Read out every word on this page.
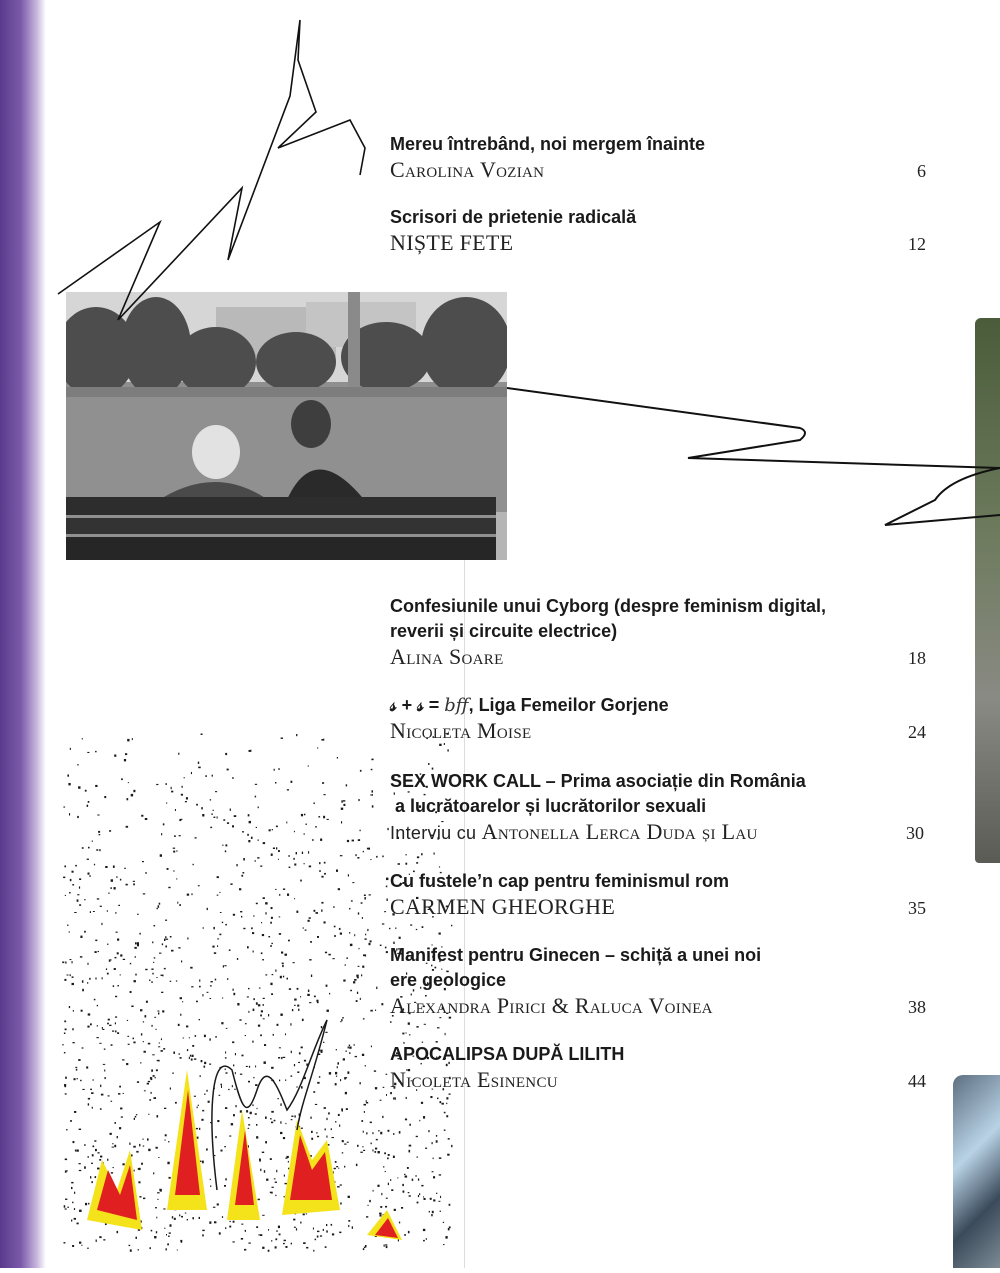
Mereu întrebând, noi mergem înainte
Carolina Vozian	6
Scrisori de prietenie radicală
NIȘTE FETE	12
Confesiunile unui Cyborg (despre feminism digital,
reverii și circuite electrice)
Alina Soare	18
𝓈 + 𝓈 = bff, Liga Femeilor Gorjene
Nicoleta Moise	24
SEX WORK CALL – Prima asociație din România
a lucrătoarelor și lucrătorilor sexuali
Interviu cu Antonella Lerca Duda și Lau	30
Cu fustele’n cap pentru feminismul rom
CARMEN GHEORGHE	35
Manifest pentru Ginecen – schiță a unei noi
ere geologice
Alexandra Pirici & Raluca Voinea	38
APOCALIPSA DUPĂ LILITH
Nicoleta Esinencu	44
